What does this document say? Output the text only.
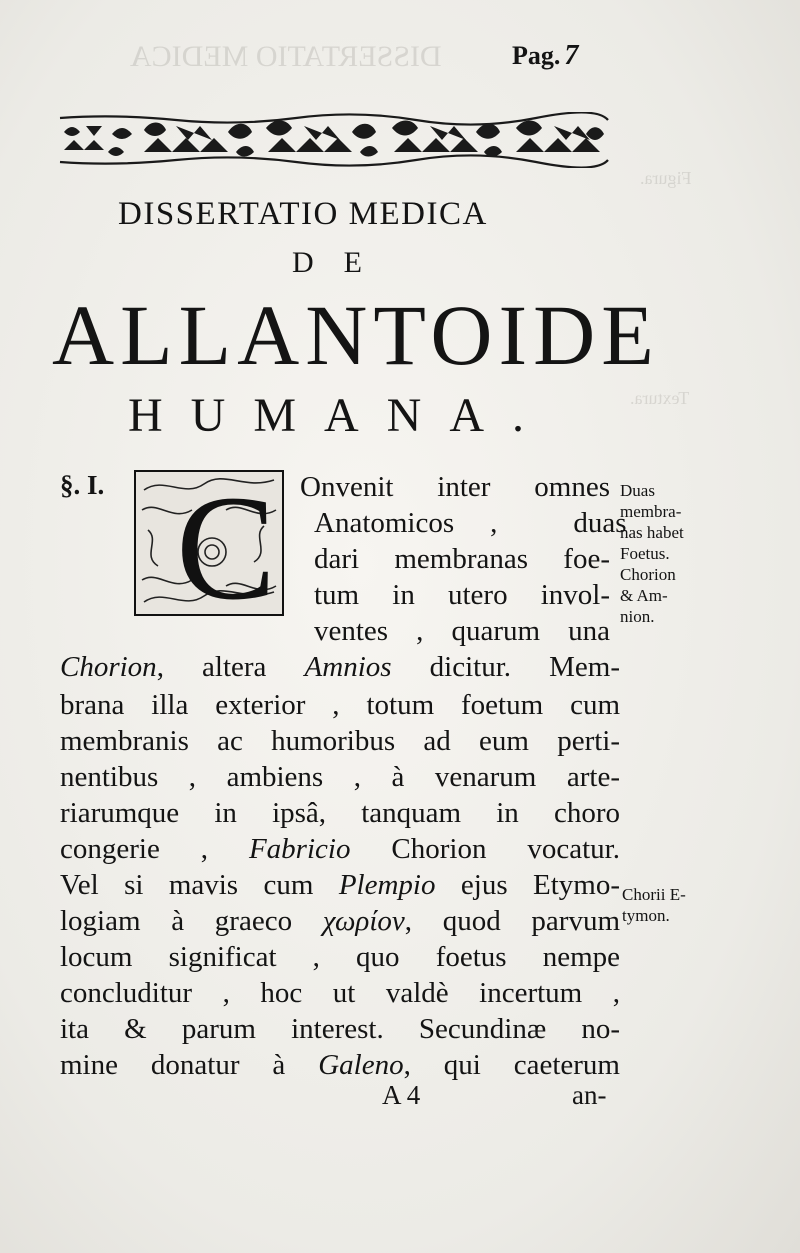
DISSERTATIO MEDICA
Figura.
Textura.
Pag. 7
DISSERTATIO MEDICA
DE
ALLANTOIDE
HUMANA.
§. I. C Onvenit inter omnes
Anatomicos ,	duas
dari membranas foe-
tum in utero invol-
ventes , quarum una
Chorion, altera Amnios dicitur. Mem-
brana illa exterior , totum foetum cum
membranis ac humoribus ad eum perti-
nentibus , ambiens , à venarum arte-
riarumque in ipsâ, tanquam in choro
congerie , Fabricio Chorion vocatur.
Vel si mavis cum Plempio ejus Etymo-
logiam à graeco χωρίον, quod parvum
locum significat , quo foetus nempe
concluditur , hoc ut valdè incertum ,
ita & parum interest. Secundinæ no-
mine donatur à Galeno, qui caeterum
Duas
membra-
nas habet
Foetus.
Chorion
& Am-
nion.
Chorii E-
tymon.
A 4	an-
